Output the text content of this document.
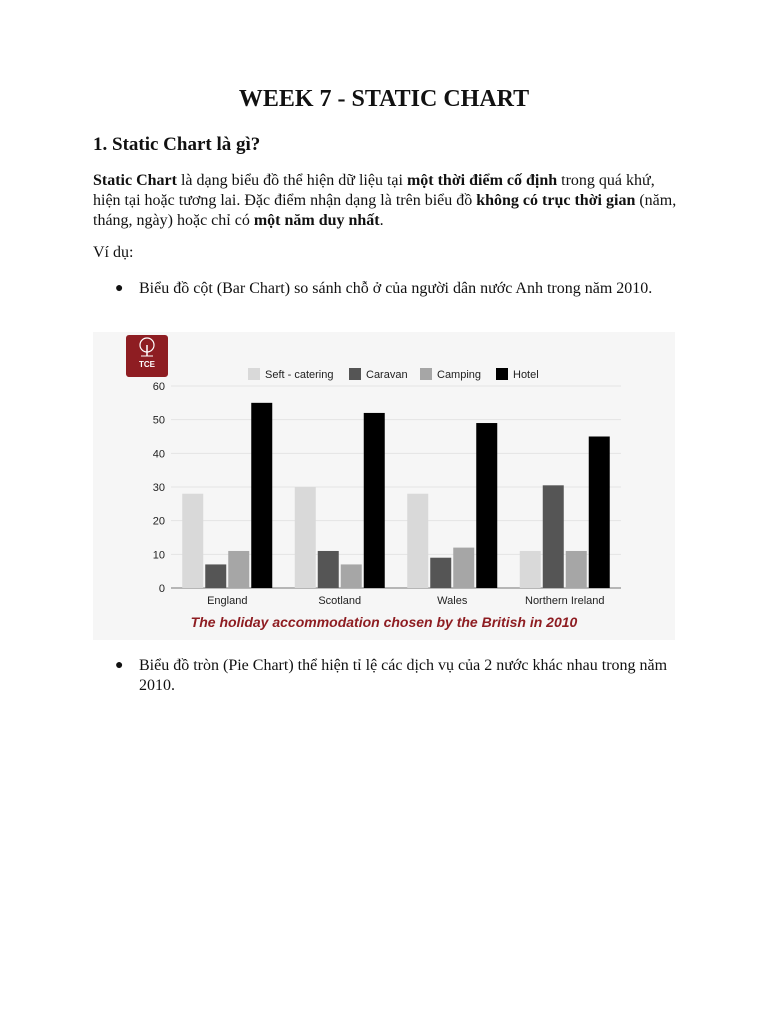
WEEK 7 - STATIC CHART
1. Static Chart là gì?

Static Chart là dạng biểu đồ thể hiện dữ liệu tại một thời điểm cố định trong quá khứ, hiện tại hoặc tương lai. Đặc điểm nhận dạng là trên biểu đồ không có trục thời gian (năm, tháng, ngày) hoặc chỉ có một năm duy nhất.

Ví dụ:

● Biểu đồ cột (Bar Chart) so sánh chỗ ở của người dân nước Anh trong năm 2010.
TCE
0
10
20
30
40
50
60
Seft - catering	Caravan	Camping	Hotel
England	Scotland	Wales	Northern Ireland
The holiday accommodation chosen by the British in 2010
● Biểu đồ tròn (Pie Chart) thể hiện tỉ lệ các dịch vụ của 2 nước khác nhau trong năm 2010.
